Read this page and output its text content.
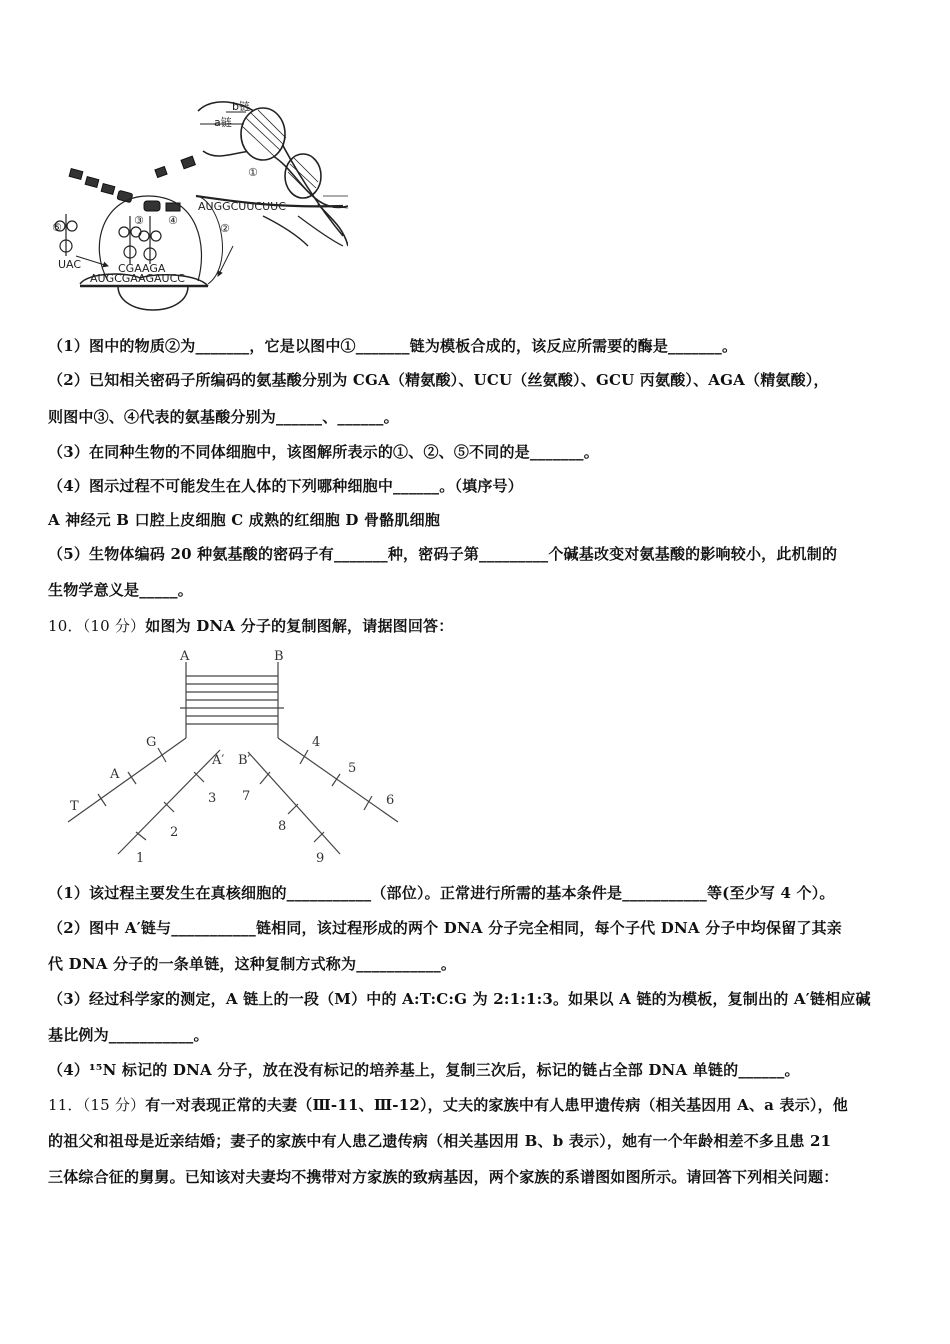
b链
a链
①
AUGGCUUCUUC
②
AUGCGAAGAUCC
⑤
③ ④
UAC	CGAAGA
（1）图中的物质②为_______，它是以图中①_______链为模板合成的，该反应所需要的酶是_______。
（2）已知相关密码子所编码的氨基酸分别为 CGA（精氨酸）、UCU（丝氨酸）、GCU 丙氨酸）、AGA（精氨酸），
则图中③、④代表的氨基酸分别为______、______。
（3）在同种生物的不同体细胞中，该图解所表示的①、②、⑤不同的是_______。
（4）图示过程不可能发生在人体的下列哪种细胞中______。（填序号）
A 神经元 B 口腔上皮细胞 C 成熟的红细胞 D 骨骼肌细胞
（5）生物体编码 20 种氨基酸的密码子有_______种，密码子第_________个碱基改变对氨基酸的影响较小，此机制的
生物学意义是_____。
10．（10 分）如图为 DNA 分子的复制图解，请据图回答：
A	B
A′ B′
G
A
T
1
2
3
4
5
6
7
8
9
（1）该过程主要发生在真核细胞的___________（部位）。正常进行所需的基本条件是___________等(至少写 4 个）。
（2）图中 A′链与___________链相同，该过程形成的两个 DNA 分子完全相同，每个子代 DNA 分子中均保留了其亲
代 DNA 分子的一条单链，这种复制方式称为___________。
（3）经过科学家的测定，A 链上的一段（M）中的 A:T:C:G 为 2:1:1:3。如果以 A 链的为模板，复制出的 A′链相应碱
基比例为___________。
（4）¹⁵N 标记的 DNA 分子，放在没有标记的培养基上，复制三次后，标记的链占全部 DNA 单链的______。
11．（15 分）有一对表现正常的夫妻（Ⅲ-11、Ⅲ-12），丈夫的家族中有人患甲遗传病（相关基因用 A、a 表示），他
的祖父和祖母是近亲结婚；妻子的家族中有人患乙遗传病（相关基因用 B、b 表示），她有一个年龄相差不多且患 21
三体综合征的舅舅。已知该对夫妻均不携带对方家族的致病基因，两个家族的系谱图如图所示。请回答下列相关问题：
